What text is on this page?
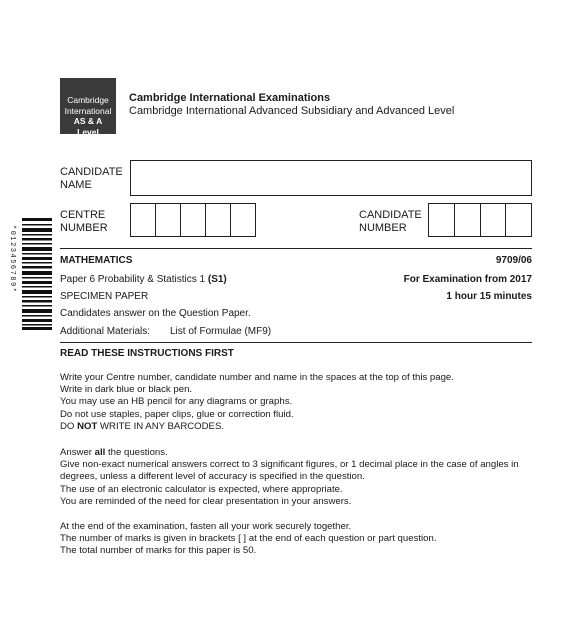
Cambridge
International
AS & A Level
Cambridge International Examinations
Cambridge International Advanced Subsidiary and Advanced Level
CANDIDATE
NAME
CENTRE
NUMBER
CANDIDATE
NUMBER
*0123456789*	MATHEMATICS	9709/06
Paper 6 Probability & Statistics 1 (S1)	For Examination from 2017
SPECIMEN PAPER	1 hour 15 minutes
Candidates answer on the Question Paper.
Additional Materials: List of Formulae (MF9)
READ THESE INSTRUCTIONS FIRST

Write your Centre number, candidate number and name in the spaces at the top of this page.

Write in dark blue or black pen.

You may use an HB pencil for any diagrams or graphs.

Do not use staples, paper clips, glue or correction fluid.

DO NOT WRITE IN ANY BARCODES.

Answer all the questions.

Give non-exact numerical answers correct to 3 significant figures, or 1 decimal place in the case of angles in degrees, unless a different level of accuracy is specified in the question.

The use of an electronic calculator is expected, where appropriate.

You are reminded of the need for clear presentation in your answers.

At the end of the examination, fasten all your work securely together.

The number of marks is given in brackets [ ] at the end of each question or part question.

The total number of marks for this paper is 50.
